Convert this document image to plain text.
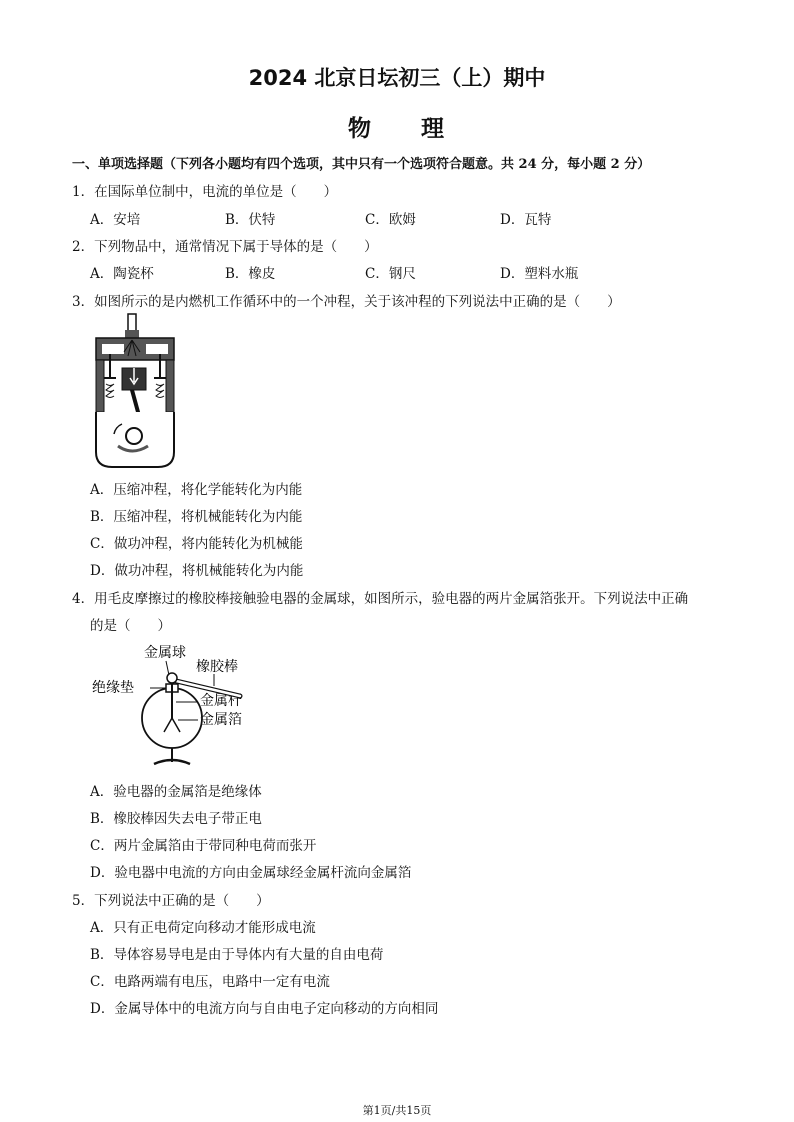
2024 北京日坛初三（上）期中
物 理
一、单项选择题（下列各小题均有四个选项，其中只有一个选项符合题意。共 24 分，每小题 2 分）
1．在国际单位制中，电流的单位是（　　）
A．安培	B．伏特	C．欧姆	D．瓦特
2．下列物品中，通常情况下属于导体的是（　　）
A．陶瓷杯	B．橡皮	C．钢尺	D．塑料水瓶
3．如图所示的是内燃机工作循环中的一个冲程，关于该冲程的下列说法中正确的是（　　）
A．压缩冲程，将化学能转化为内能
B．压缩冲程，将机械能转化为内能
C．做功冲程，将内能转化为机械能
D．做功冲程，将机械能转化为内能
4．用毛皮摩擦过的橡胶棒接触验电器的金属球，如图所示，验电器的两片金属箔张开。下列说法中正确
的是（　　）
金属球
橡胶棒
绝缘垫
金属杆
金属箔
A．验电器的金属箔是绝缘体
B．橡胶棒因失去电子带正电
C．两片金属箔由于带同种电荷而张开
D．验电器中电流的方向由金属球经金属杆流向金属箔
5．下列说法中正确的是（　　）
A．只有正电荷定向移动才能形成电流
B．导体容易导电是由于导体内有大量的自由电荷
C．电路两端有电压，电路中一定有电流
D．金属导体中的电流方向与自由电子定向移动的方向相同
第1页/共15页
